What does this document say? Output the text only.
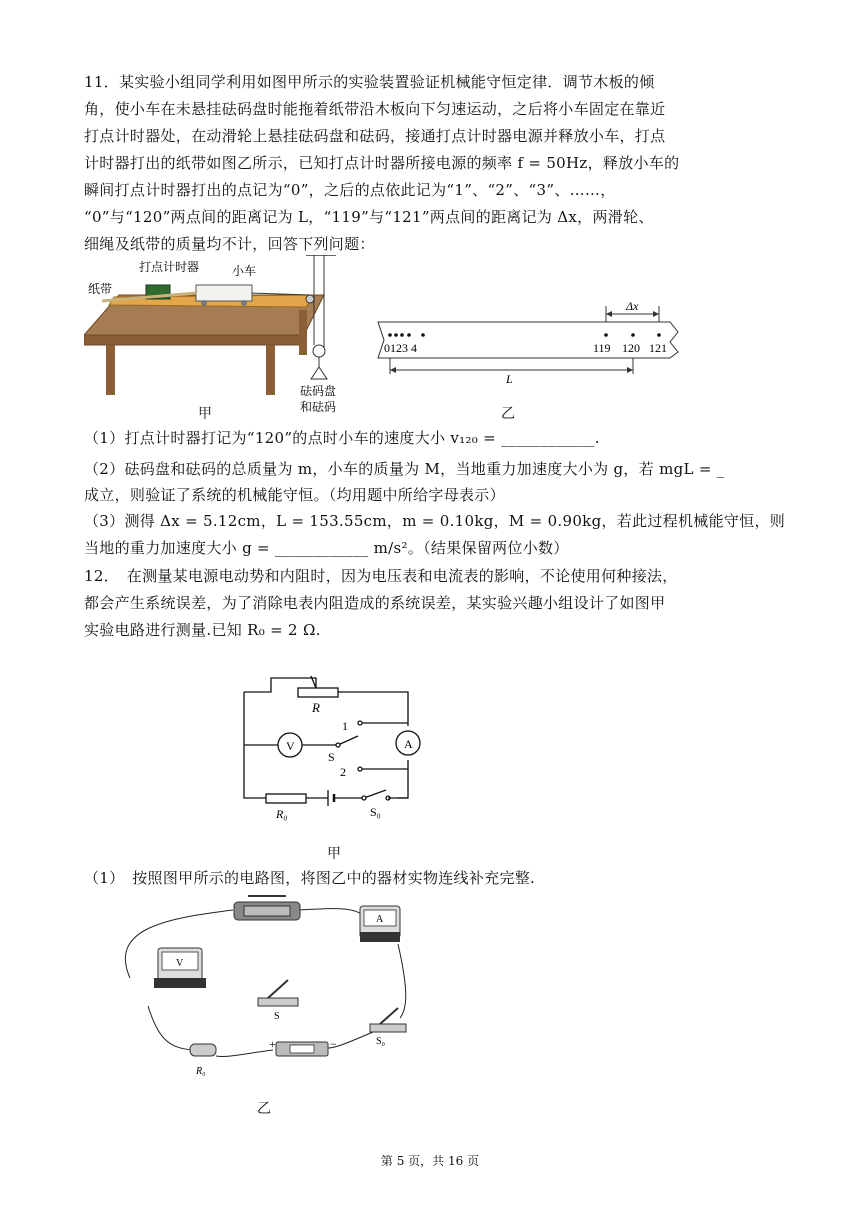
11．某实验小组同学利用如图甲所示的实验装置验证机械能守恒定律．调节木板的倾
角，使小车在未悬挂砝码盘时能拖着纸带沿木板向下匀速运动，之后将小车固定在靠近
打点计时器处，在动滑轮上悬挂砝码盘和砝码，接通打点计时器电源并释放小车，打点
计时器打出的纸带如图乙所示，已知打点计时器所接电源的频率 f = 50Hz，释放小车的
瞬间打点计时器打出的点记为“0”，之后的点依此记为“1”、“2”、“3”、……，
“0”与“120”两点间的距离记为 L，“119”与“121”两点间的距离记为 Δx，两滑轮、
细绳及纸带的质量均不计，回答下列问题：
打点计时器	小车
纸带
砝码盘
和砝码
甲
0123 4	119 120 121
Δx
L
乙
（1）打点计时器打记为“120”的点时小车的速度大小 v₁₂₀ = ____________.
（2）砝码盘和砝码的总质量为 m，小车的质量为 M，当地重力加速度大小为 g，若 mgL = _
成立，则验证了系统的机械能守恒。（均用题中所给字母表示）
（3）测得 Δx = 5.12cm，L = 153.55cm，m = 0.10kg，M = 0.90kg，若此过程机械能守恒，则
当地的重力加速度大小 g = ____________ m/s²。（结果保留两位小数）
12．　在测量某电源电动势和内阻时，因为电压表和电流表的影响，不论使用何种接法，
都会产生系统误差，为了消除电表内阻造成的系统误差，某实验兴趣小组设计了如图甲
实验电路进行测量.已知 R₀ = 2 Ω.
V	A
R
1
2
S
R₀	S₀
甲
（1）　按照图甲所示的电路图，将图乙中的器材实物连线补充完整.
A
V
S
S₀
+	−
R₀
乙
第 5 页，共 16 页
